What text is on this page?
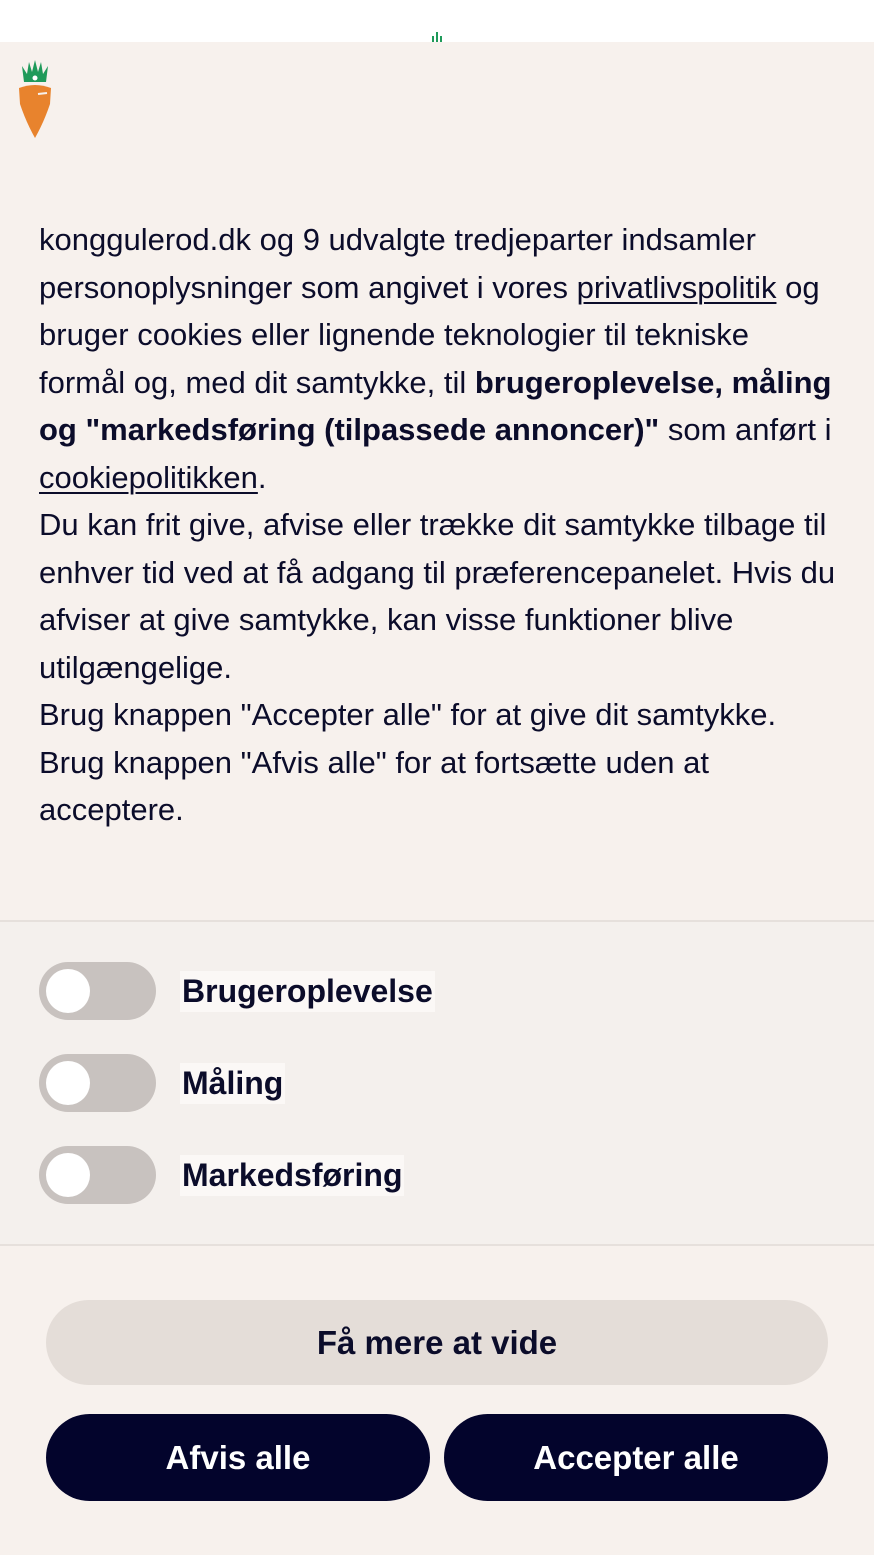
konggulerod.dk og 9 udvalgte tredjeparter indsamler personoplysninger som angivet i vores privatlivspolitik og bruger cookies eller lignende teknologier til tekniske formål og, med dit samtykke, til brugeroplevelse, måling og "markedsføring (tilpassede annoncer)" som anført i cookiepolitikken.
Du kan frit give, afvise eller trække dit samtykke tilbage til enhver tid ved at få adgang til præferencepanelet. Hvis du afviser at give samtykke, kan visse funktioner blive utilgængelige.
Brug knappen "Accepter alle" for at give dit samtykke. Brug knappen "Afvis alle" for at fortsætte uden at acceptere.

Brugeroplevelse
Måling
Markedsføring
Få mere at vide
Afvis alle	Accepter alle
